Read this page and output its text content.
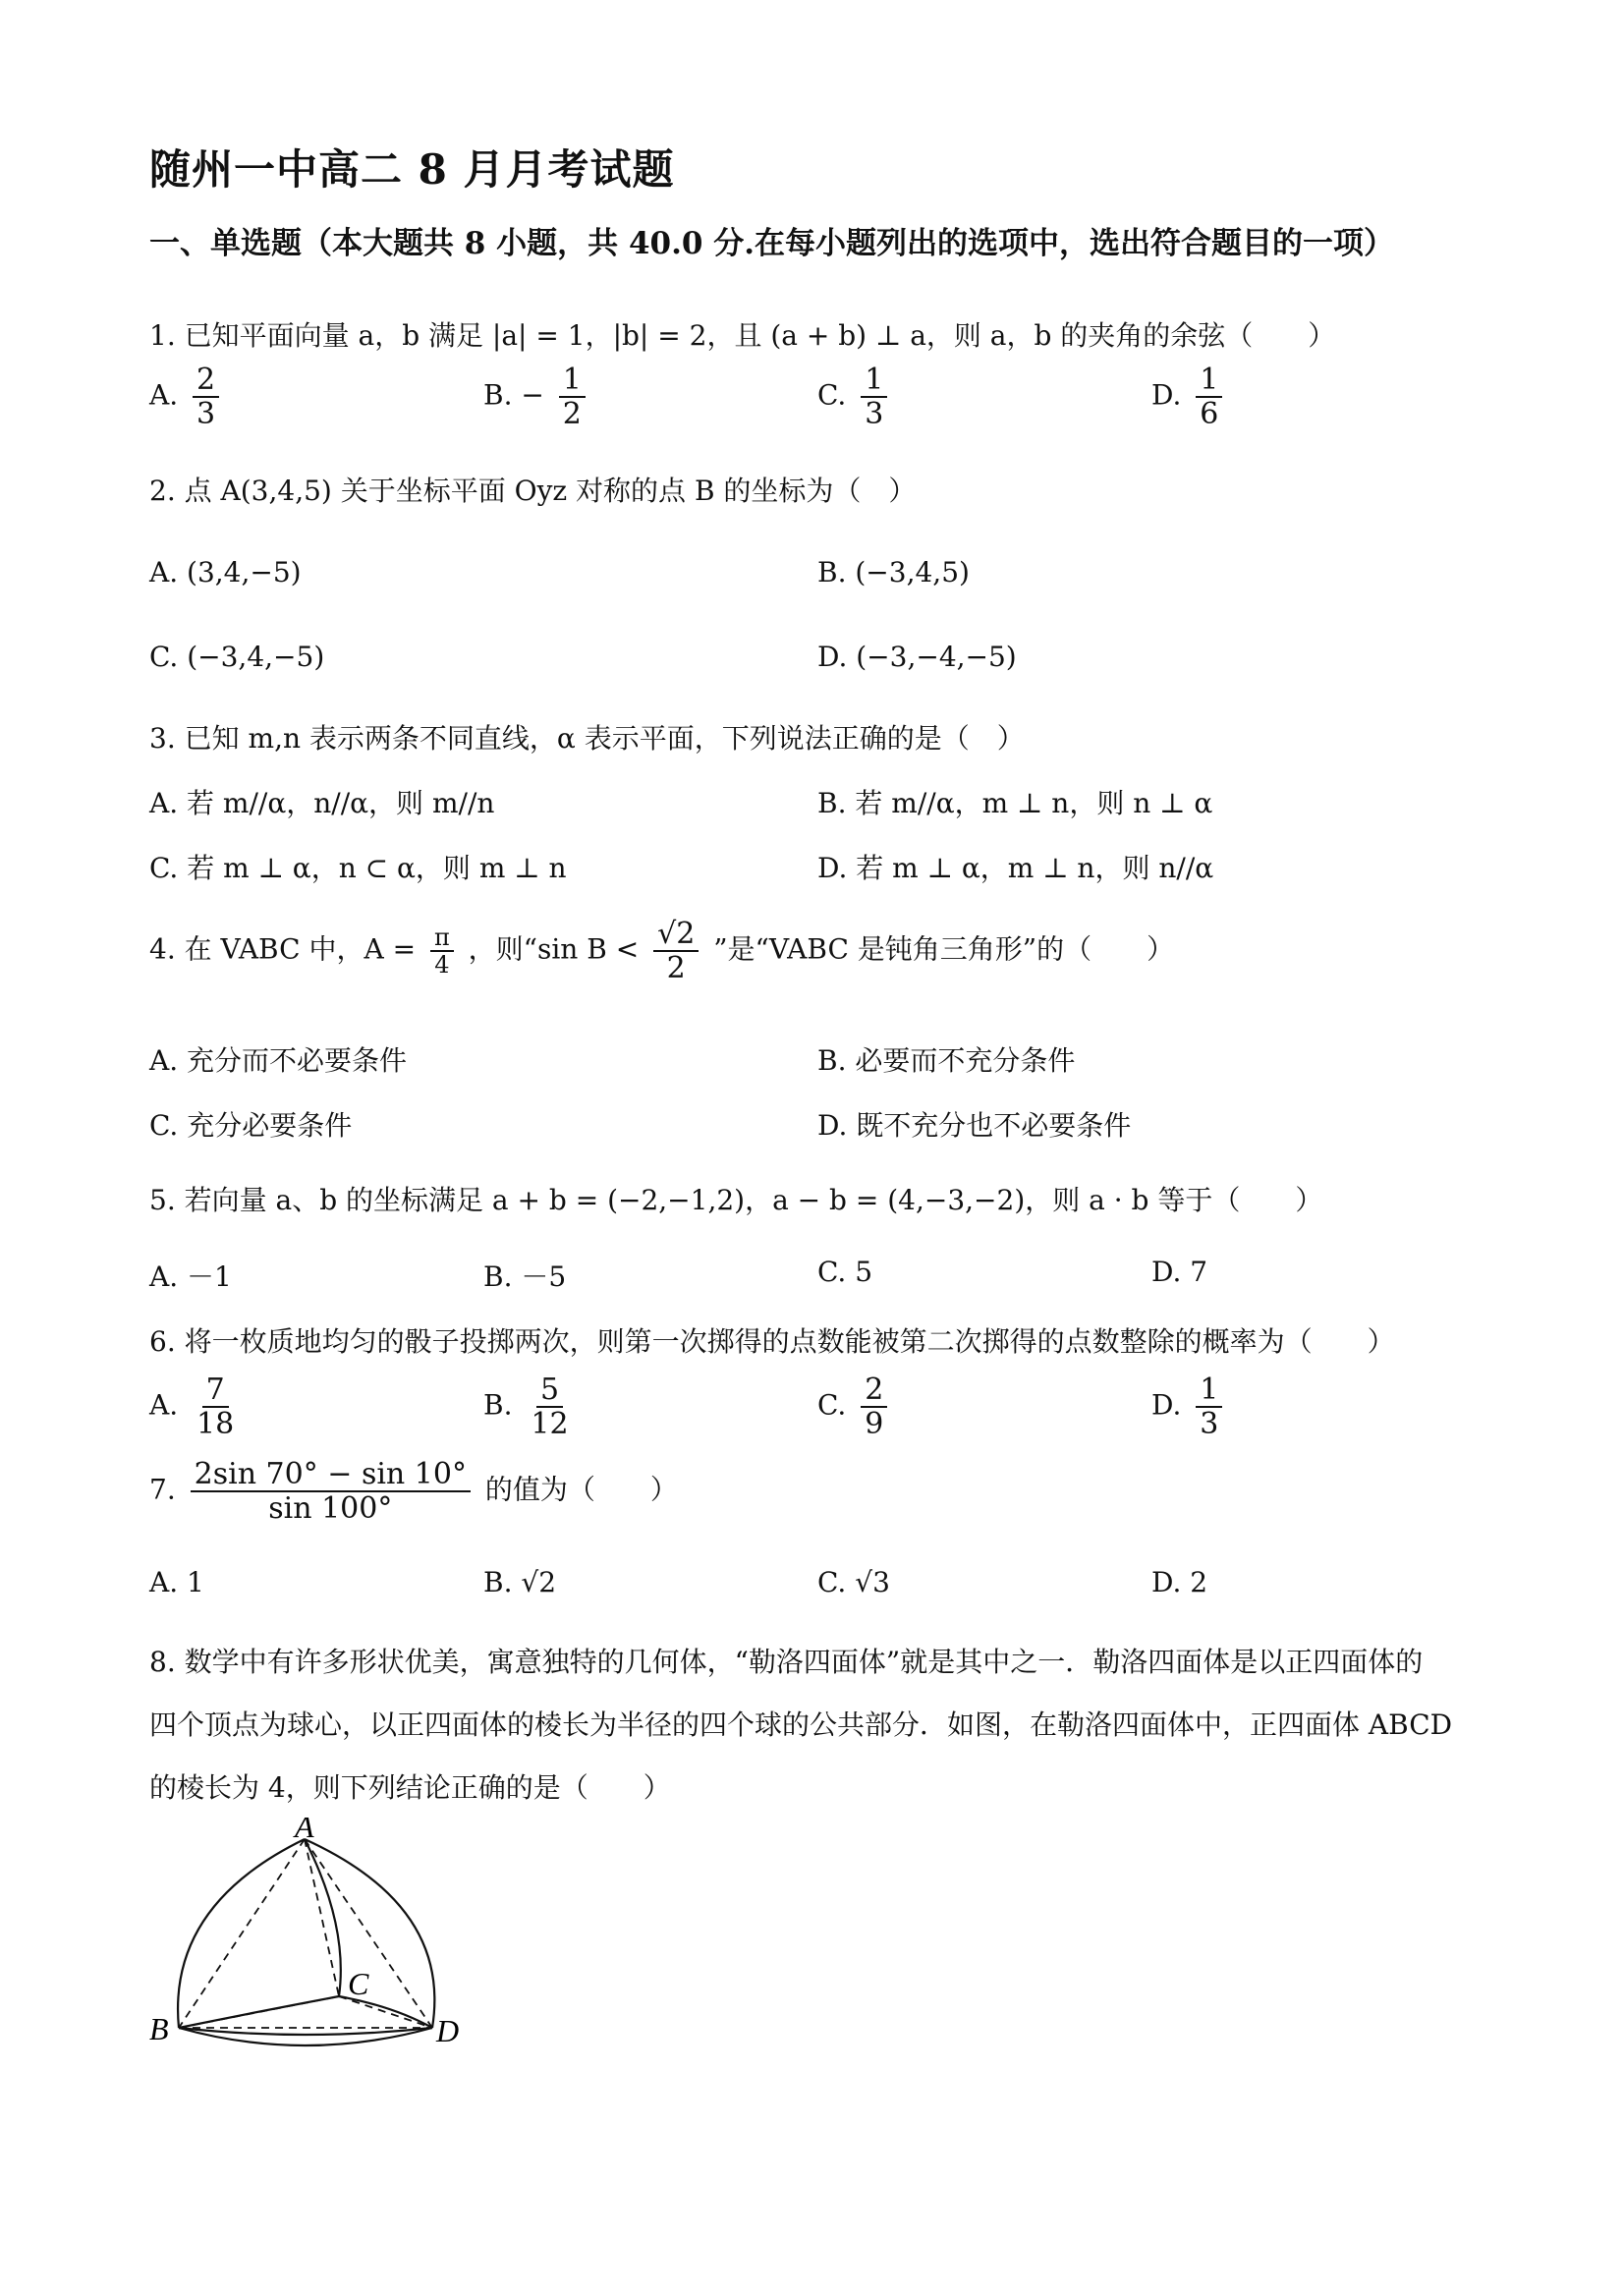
随州一中高二 8 月月考试题
一、单选题（本大题共 8 小题，共 40.0 分.在每小题列出的选项中，选出符合题目的一项）
1. 已知平面向量 a，b 满足 |a| = 1，|b| = 2，且 (a + b) ⊥ a，则 a，b 的夹角的余弦（　　）
A. $\frac{2}{3}$	B. − $\frac{1}{2}$	C. $\frac{1}{3}$	D. $\frac{1}{6}$
2. 点 A(3,4,5) 关于坐标平面 Oyz 对称的点 B 的坐标为（　）
A. (3,4,−5)	B. (−3,4,5)
C. (−3,4,−5)	D. (−3,−4,−5)
3. 已知 m,n 表示两条不同直线，α 表示平面，下列说法正确的是（　）
A. 若 m//α，n//α，则 m//n	B. 若 m//α，m ⊥ n，则 n ⊥ α
C. 若 m ⊥ α，n ⊂ α，则 m ⊥ n	D. 若 m ⊥ α，m ⊥ n，则 n//α
4. 在 VABC 中，$A = \frac{\pi}{4}$ ，则“sin $B < \frac{√2}{2}$ ”是“VABC 是钝角三角形”的（　　）
A. 充分而不必要条件	B. 必要而不充分条件
C. 充分必要条件	D. 既不充分也不必要条件
5. 若向量 a、b 的坐标满足 a + b = (−2,−1,2)，a − b = (4,−3,−2)，则 a · b 等于（　　）
A. －1	B. －5	C. 5	D. 7
6. 将一枚质地均匀的骰子投掷两次，则第一次掷得的点数能被第二次掷得的点数整除的概率为（　　）
A. $\frac{7}{18}$	B. $\frac{5}{12}$	C. $\frac{2}{9}$	D. $\frac{1}{3}$
7. $\frac{2\sin 70^\circ - \sin 10^\circ}{\sin 100^\circ}$ 的值为（　　）
A. 1	B. √2	C. √3	D. 2
8. 数学中有许多形状优美，寓意独特的几何体，“勒洛四面体”就是其中之一．勒洛四面体是以正四面体的
四个顶点为球心，以正四面体的棱长为半径的四个球的公共部分．如图，在勒洛四面体中，正四面体 ABCD
的棱长为 4，则下列结论正确的是（　　）
A
B
C
D
